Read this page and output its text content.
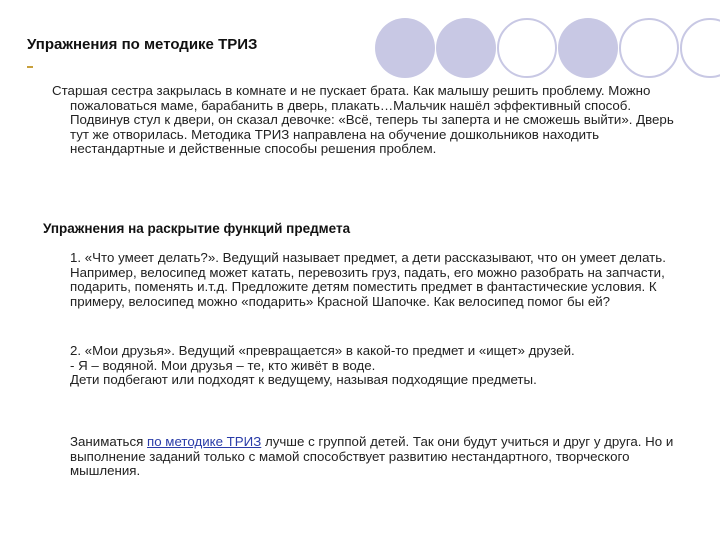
Упражнения по методике ТРИЗ

Старшая сестра закрылась в комнате и не пускает брата. Как малышу решить проблему. Можно пожаловаться маме, барабанить в дверь, плакать…Мальчик нашёл эффективный способ. Подвинув стул к двери, он сказал девочке: «Всё, теперь ты заперта и не сможешь выйти». Дверь тут же отворилась. Методика ТРИЗ направлена на обучение дошкольников находить нестандартные и действенные способы решения проблем.

Упражнения на раскрытие функций предмета

1. «Что умеет делать?». Ведущий называет предмет, а дети рассказывают, что он умеет делать. Например, велосипед может катать, перевозить груз, падать, его можно разобрать на запчасти, подарить, поменять и.т.д. Предложите детям поместить предмет в фантастические условия. К примеру, велосипед можно «подарить» Красной Шапочке. Как велосипед помог бы ей?

2. «Мои друзья». Ведущий «превращается» в какой-то предмет и «ищет» друзей.
- Я – водяной. Мои друзья – те, кто живёт в воде.
Дети подбегают или подходят к ведущему, называя подходящие предметы.

Заниматься по методике ТРИЗ лучше с группой детей. Так они будут учиться и друг у друга. Но и выполнение заданий только с мамой способствует развитию нестандартного, творческого мышления.
